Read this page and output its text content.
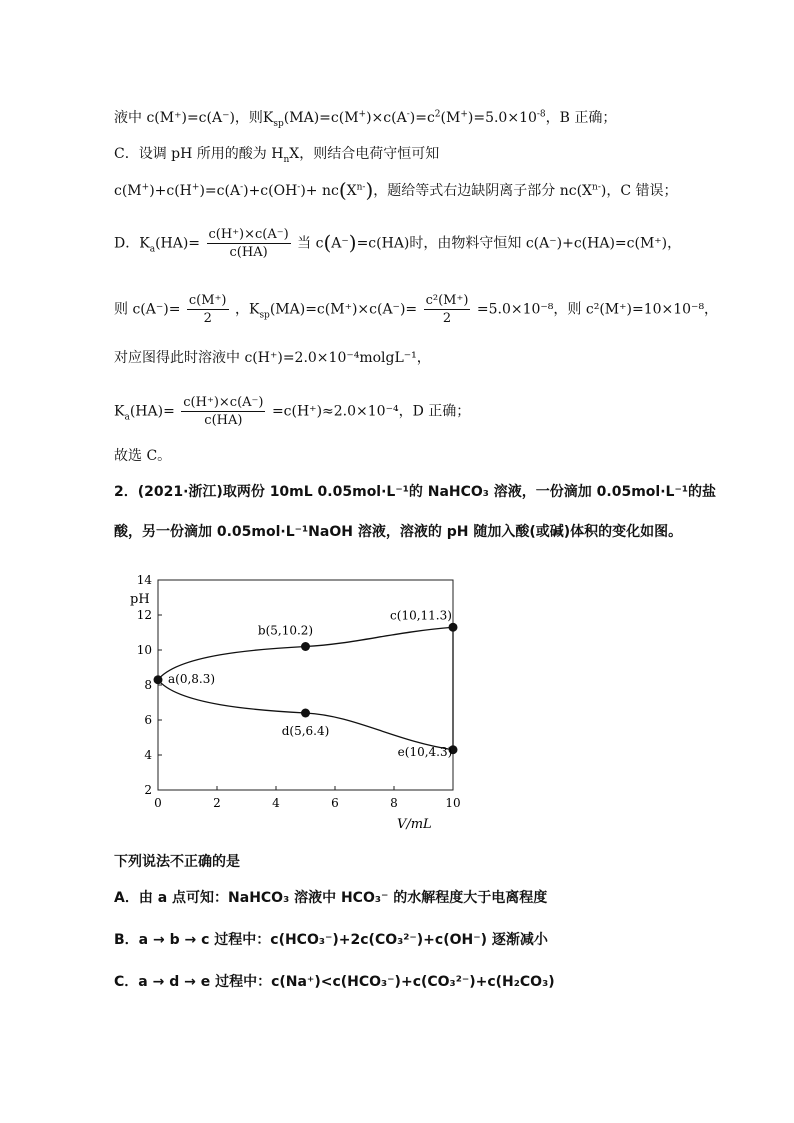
液中 c(M⁺)=c(A⁻)，则$K_{sp}(MA)=c(M^+)\times c(A^-)=c^2(M^+)=5.0\times 10^{-8}$，B 正确；
C．设调 pH 所用的酸为 $H_nX$，则结合电荷守恒可知
$c(M^+)+c(H^+)=c(A^-)+c(OH^-)+ nc(X^{n-})$，题给等式右边缺阴离子部分 $nc(X^{n-})$，C 错误；
D．$K_a(HA)= \frac{c(H^+)\times c(A^-)}{c(HA)}$ 当 c(A⁻)=c(HA)时，由物料守恒知 c(A⁻)+c(HA)=c(M⁺)，
则 $c(A^-)= \frac{c(M^+)}{2}$ ，$K_{sp}(MA)=c(M^+)\times c(A^-)= \frac{\text{c²(M⁺)}}{2} =5.0\times 10^{-8}$，则 c²(M⁺)=10×10⁻⁸，
对应图得此时溶液中 c(H⁺)=2.0×10⁻⁴molgL⁻¹，
$K_a(HA)= \frac{c(H^+)\times c(A^-)}{c(HA)} =c(H^+)\approx 2.0\times 10^{-4}$，D 正确；
故选 C。
2．(2021·浙江)取两份 10mL 0.05mol·L⁻¹的 NaHCO₃ 溶液，一份滴加 0.05mol·L⁻¹的盐
酸，另一份滴加 0.05mol·L⁻¹NaOH 溶液，溶液的 pH 随加入酸(或碱)体积的变化如图。
2
4
6
8
10
12
14
0	2	4	6	8	10
pH
V/mL
a(0,8.3)
b(5,10.2)
c(10,11.3)
d(5,6.4)
e(10,4.3)
下列说法不正确的是
A．由 a 点可知：NaHCO₃ 溶液中 HCO₃⁻ 的水解程度大于电离程度
B．a → b → c 过程中：c(HCO₃⁻)+2c(CO₃²⁻)+c(OH⁻) 逐渐减小
C．a → d → e 过程中：c(Na⁺)<c(HCO₃⁻)+c(CO₃²⁻)+c(H₂CO₃)
